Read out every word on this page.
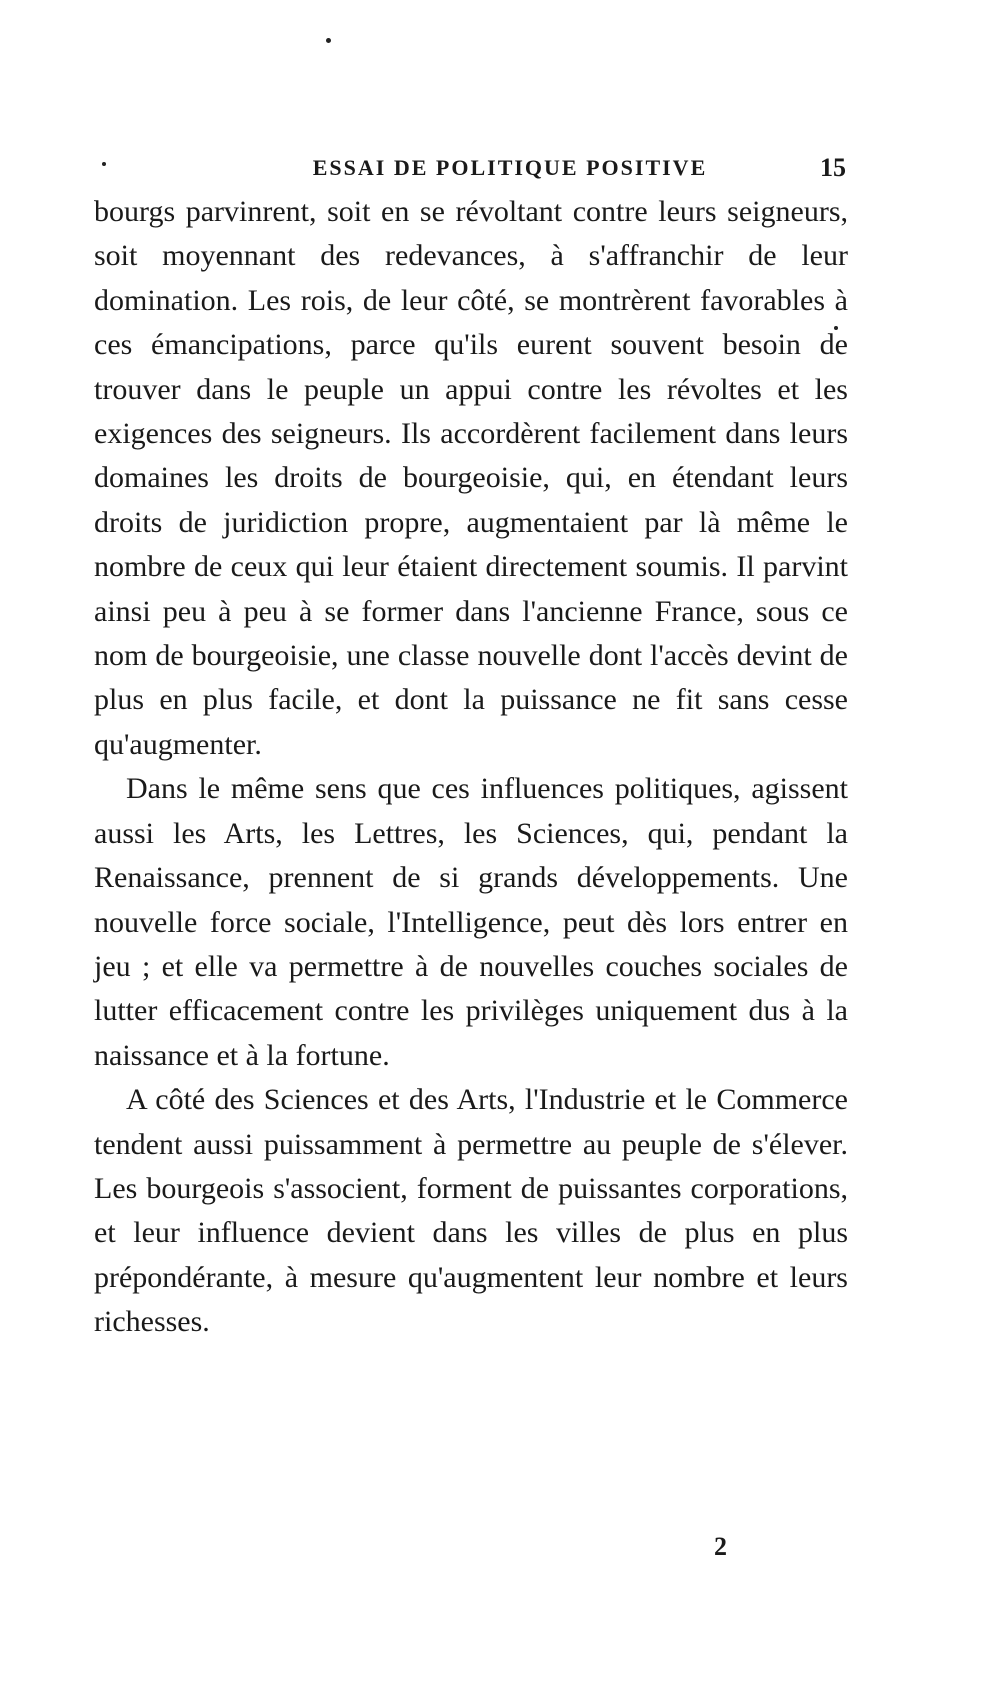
ESSAI DE POLITIQUE POSITIVE	15

bourgs parvinrent, soit en se révoltant contre leurs seigneurs, soit moyennant des redevances, à s'affranchir de leur domination. Les rois, de leur côté, se montrèrent favorables à ces émancipations, parce qu'ils eurent souvent besoin de trouver dans le peuple un appui contre les révoltes et les exigences des seigneurs. Ils accordèrent facilement dans leurs domaines les droits de bourgeoisie, qui, en étendant leurs droits de juridiction propre, augmentaient par là même le nombre de ceux qui leur étaient directement soumis. Il parvint ainsi peu à peu à se former dans l'ancienne France, sous ce nom de bourgeoisie, une classe nouvelle dont l'accès devint de plus en plus facile, et dont la puissance ne fit sans cesse qu'augmenter.

Dans le même sens que ces influences politiques, agissent aussi les Arts, les Lettres, les Sciences, qui, pendant la Renaissance, prennent de si grands développements. Une nouvelle force sociale, l'Intelligence, peut dès lors entrer en jeu ; et elle va permettre à de nouvelles couches sociales de lutter efficacement contre les privilèges uniquement dus à la naissance et à la fortune.

A côté des Sciences et des Arts, l'Industrie et le Commerce tendent aussi puissamment à permettre au peuple de s'élever. Les bourgeois s'associent, forment de puissantes corporations, et leur influence devient dans les villes de plus en plus prépondérante, à mesure qu'augmentent leur nombre et leurs richesses.

2
